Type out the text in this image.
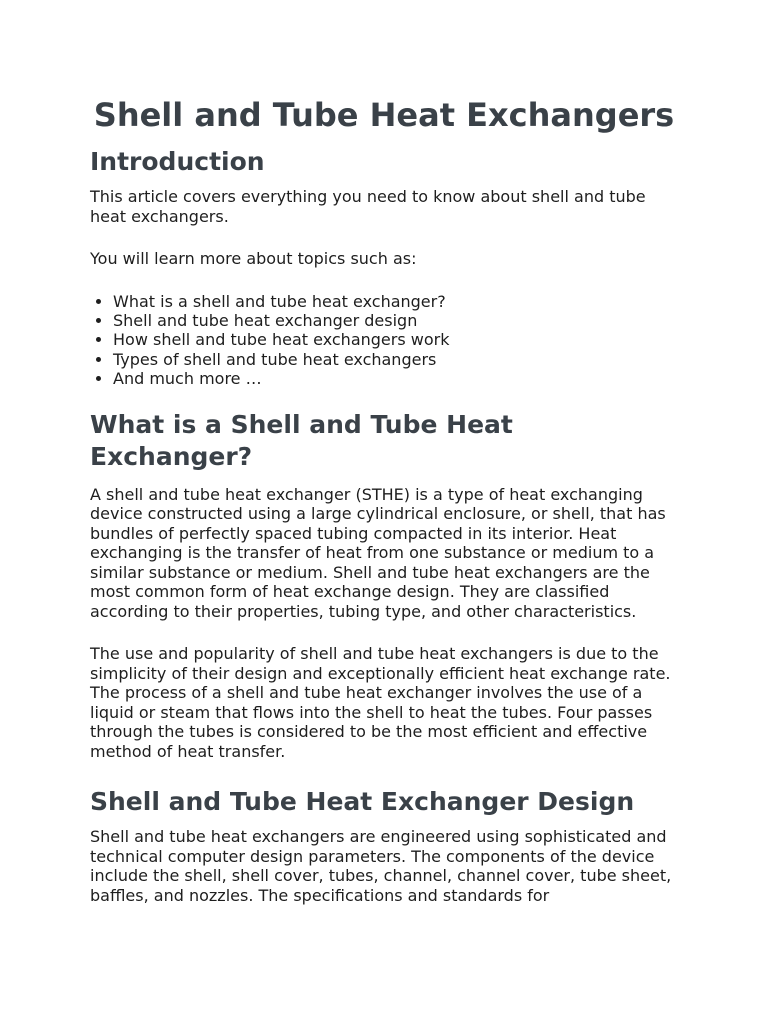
Shell and Tube Heat Exchangers
Introduction

This article covers everything you need to know about shell and tube heat exchangers.

You will learn more about topics such as:

• What is a shell and tube heat exchanger?
• Shell and tube heat exchanger design
• How shell and tube heat exchangers work
• Types of shell and tube heat exchangers
• And much more …
What is a Shell and Tube Heat Exchanger?

A shell and tube heat exchanger (STHE) is a type of heat exchanging device constructed using a large cylindrical enclosure, or shell, that has bundles of perfectly spaced tubing compacted in its interior. Heat exchanging is the transfer of heat from one substance or medium to a similar substance or medium. Shell and tube heat exchangers are the most common form of heat exchange design. They are classified according to their properties, tubing type, and other characteristics.

The use and popularity of shell and tube heat exchangers is due to the simplicity of their design and exceptionally efficient heat exchange rate. The process of a shell and tube heat exchanger involves the use of a liquid or steam that flows into the shell to heat the tubes. Four passes through the tubes is considered to be the most efficient and effective method of heat transfer.

Shell and Tube Heat Exchanger Design

Shell and tube heat exchangers are engineered using sophisticated and technical computer design parameters. The components of the device include the shell, shell cover, tubes, channel, channel cover, tube sheet, baffles, and nozzles. The specifications and standards for
